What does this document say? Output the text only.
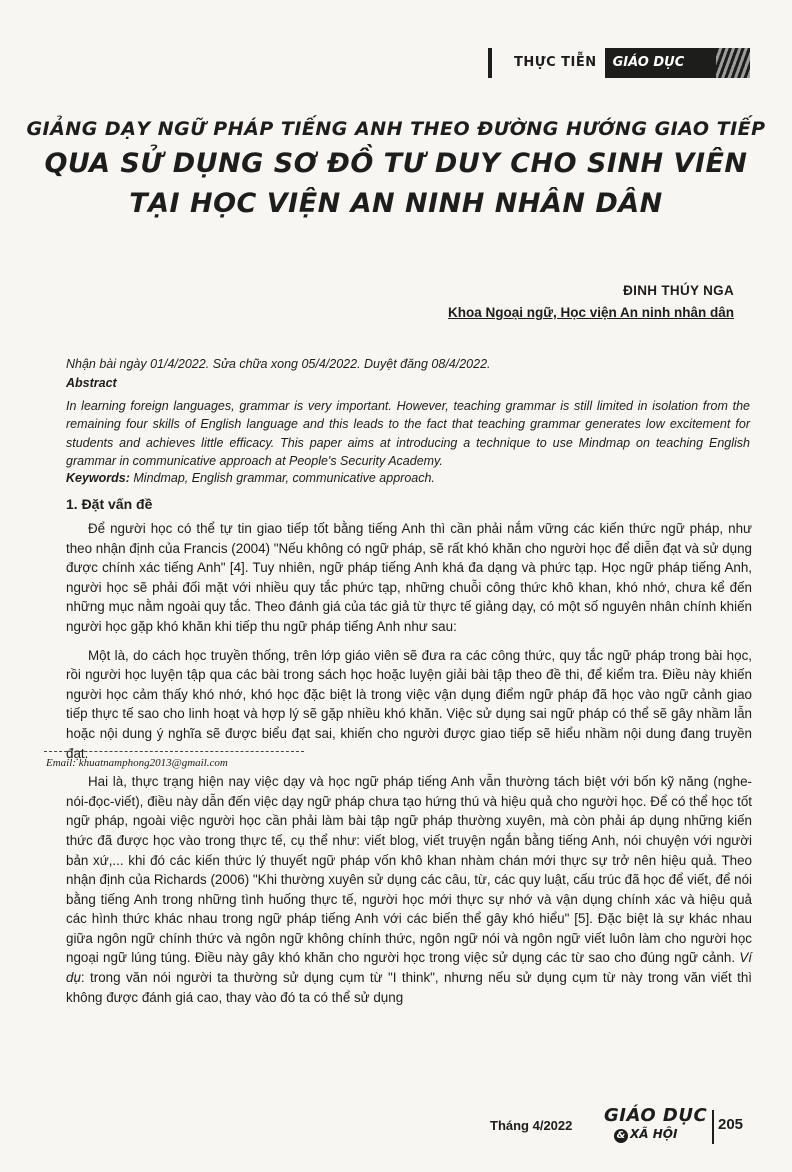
THỰC TIỄN	GIÁO DỤC
GIẢNG DẠY NGỮ PHÁP TIẾNG ANH THEO ĐƯỜNG HƯỚNG GIAO TIẾP
QUA SỬ DỤNG SƠ ĐỒ TƯ DUY CHO SINH VIÊN
TẠI HỌC VIỆN AN NINH NHÂN DÂN
ĐINH THÚY NGA
Khoa Ngoại ngữ, Học viện An ninh nhân dân
Nhận bài ngày 01/4/2022. Sửa chữa xong 05/4/2022. Duyệt đăng 08/4/2022.
Abstract
In learning foreign languages, grammar is very important. However, teaching grammar is still limited in isolation from the remaining four skills of English language and this leads to the fact that teaching grammar generates low excitement for students and achieves little efficacy. This paper aims at introducing a technique to use Mindmap on teaching English grammar in communicative approach at People's Security Academy.
Keywords: Mindmap, English grammar, communicative approach.
1. Đặt vấn đề

Để người học có thể tự tin giao tiếp tốt bằng tiếng Anh thì cần phải nắm vững các kiến thức ngữ pháp, như theo nhận định của Francis (2004) "Nếu không có ngữ pháp, sẽ rất khó khăn cho người học để diễn đạt và sử dụng được chính xác tiếng Anh" [4]. Tuy nhiên, ngữ pháp tiếng Anh khá đa dạng và phức tạp. Học ngữ pháp tiếng Anh, người học sẽ phải đối mặt với nhiều quy tắc phức tạp, những chuỗi công thức khô khan, khó nhớ, chưa kể đến những mục nằm ngoài quy tắc. Theo đánh giá của tác giả từ thực tế giảng dạy, có một số nguyên nhân chính khiến người học gặp khó khăn khi tiếp thu ngữ pháp tiếng Anh như sau:

Một là, do cách học truyền thống, trên lớp giáo viên sẽ đưa ra các công thức, quy tắc ngữ pháp trong bài học, rồi người học luyện tập qua các bài trong sách học hoặc luyện giải bài tập theo đề thi, để kiểm tra. Điều này khiến người học cảm thấy khó nhớ, khó học đặc biệt là trong việc vận dụng điểm ngữ pháp đã học vào ngữ cảnh giao tiếp thực tế sao cho linh hoạt và hợp lý sẽ gặp nhiều khó khăn. Việc sử dụng sai ngữ pháp có thể sẽ gây nhầm lẫn hoặc nội dung ý nghĩa sẽ được biểu đạt sai, khiến cho người được giao tiếp sẽ hiểu nhầm nội dung đang truyền đạt.

Hai là, thực trạng hiện nay việc dạy và học ngữ pháp tiếng Anh vẫn thường tách biệt với bốn kỹ năng (nghe-nói-đọc-viết), điều này dẫn đến việc dạy ngữ pháp chưa tạo hứng thú và hiệu quả cho người học. Để có thể học tốt ngữ pháp, ngoài việc người học cần phải làm bài tập ngữ pháp thường xuyên, mà còn phải áp dụng những kiến thức đã được học vào trong thực tế, cụ thể như: viết blog, viết truyện ngắn bằng tiếng Anh, nói chuyện với người bản xứ,... khi đó các kiến thức lý thuyết ngữ pháp vốn khô khan nhàm chán mới thực sự trở nên hiệu quả. Theo nhận định của Richards (2006) "Khi thường xuyên sử dụng các câu, từ, các quy luật, cấu trúc đã học để viết, để nói bằng tiếng Anh trong những tình huống thực tế, người học mới thực sự nhớ và vận dụng chính xác và hiệu quả các hình thức khác nhau trong ngữ pháp tiếng Anh với các biến thể gây khó hiểu" [5]. Đặc biệt là sự khác nhau giữa ngôn ngữ chính thức và ngôn ngữ không chính thức, ngôn ngữ nói và ngôn ngữ viết luôn làm cho người học ngoại ngữ lúng túng. Điều này gây khó khăn cho người học trong việc sử dụng các từ sao cho đúng ngữ cảnh. Ví dụ: trong văn nói người ta thường sử dụng cụm từ "I think", nhưng nếu sử dụng cụm từ này trong văn viết thì không được đánh giá cao, thay vào đó ta có thể sử dụng

Email: khuatnamphong2013@gmail.com
Tháng 4/2022 GIÁO DỤC
& XÃ HỘI
205
